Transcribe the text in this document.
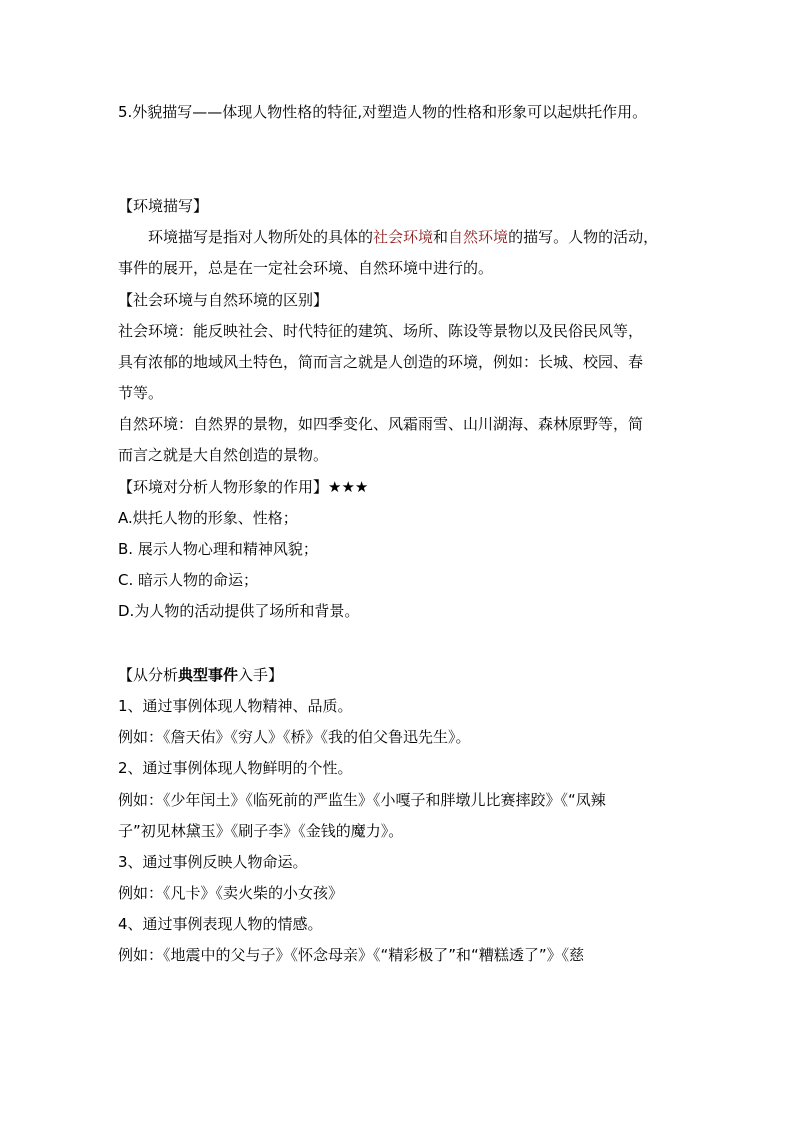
5.外貌描写——体现人物性格的特征,对塑造人物的性格和形象可以起烘托作用。
【环境描写】
环境描写是指对人物所处的具体的社会环境和自然环境的描写。人物的活动，
事件的展开，总是在一定社会环境、自然环境中进行的。
【社会环境与自然环境的区别】
社会环境：能反映社会、时代特征的建筑、场所、陈设等景物以及民俗民风等，
具有浓郁的地域风土特色，简而言之就是人创造的环境，例如：长城、校园、春
节等。
自然环境：自然界的景物，如四季变化、风霜雨雪、山川湖海、森林原野等，简
而言之就是大自然创造的景物。
【环境对分析人物形象的作用】★★★
A.烘托人物的形象、性格；
B. 展示人物心理和精神风貌；
C. 暗示人物的命运；
D.为人物的活动提供了场所和背景。
【从分析典型事件入手】
1、通过事例体现人物精神、品质。
例如：《詹天佑》《穷人》《桥》《我的伯父鲁迅先生》。
2、通过事例体现人物鲜明的个性。
例如：《少年闰土》《临死前的严监生》《小嘎子和胖墩儿比赛摔跤》《“凤辣
子”初见林黛玉》《刷子李》《金钱的魔力》。
3、通过事例反映人物命运。
例如：《凡卡》《卖火柴的小女孩》
4、通过事例表现人物的情感。
例如：《地震中的父与子》《怀念母亲》《“精彩极了”和“糟糕透了”》《慈
